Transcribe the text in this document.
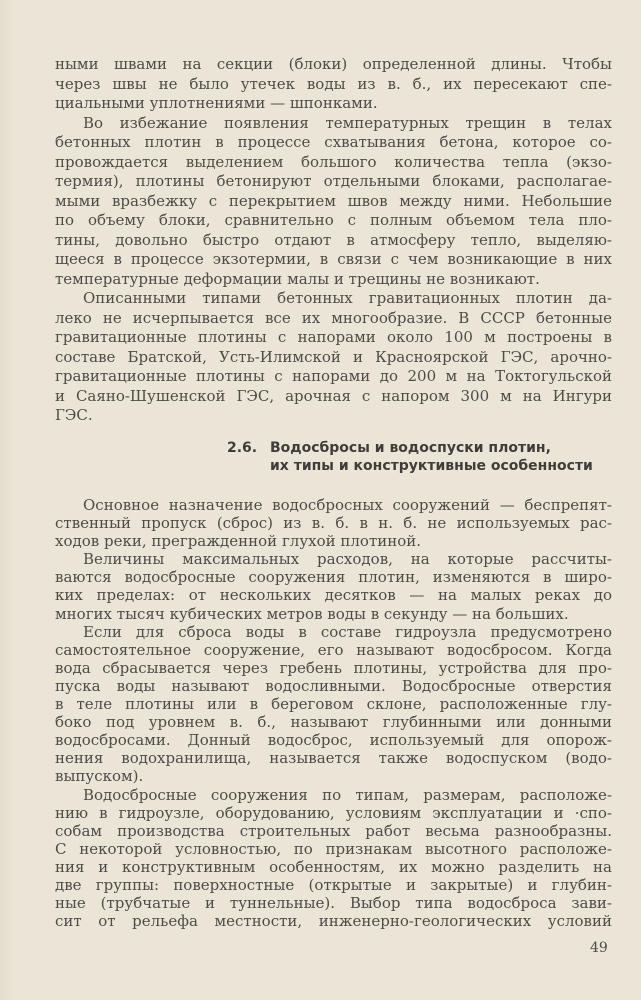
ными швами на секции (блоки) определенной длины. Чтобы
через швы не было утечек воды из в. б., их пересекают спе-
циальными уплотнениями — шпонками.
Во избежание появления температурных трещин в телах
бетонных плотин в процессе схватывания бетона, которое со-
провождается выделением большого количества тепла (экзо-
термия), плотины бетонируют отдельными блоками, располагае-
мыми вразбежку с перекрытием швов между ними. Небольшие
по объему блоки, сравнительно с полным объемом тела пло-
тины, довольно быстро отдают в атмосферу тепло, выделяю-
щееся в процессе экзотермии, в связи с чем возникающие в них
температурные деформации малы и трещины не возникают.
Описанными типами бетонных гравитационных плотин да-
леко не исчерпывается все их многообразие. В СССР бетонные
гравитационные плотины с напорами около 100 м построены в
составе Братской, Усть-Илимской и Красноярской ГЭС, арочно-
гравитационные плотины с напорами до 200 м на Токтогульской
и Саяно-Шушенской ГЭС, арочная с напором 300 м на Ингури
ГЭС.
2.6. Водосбросы и водоспуски плотин,
их типы и конструктивные особенности
Основное назначение водосбросных сооружений — беспрепят-
ственный пропуск (сброс) из в. б. в н. б. не используемых рас-
ходов реки, прегражденной глухой плотиной.
Величины максимальных расходов, на которые рассчиты-
ваются водосбросные сооружения плотин, изменяются в широ-
ких пределах: от нескольких десятков — на малых реках до
многих тысяч кубических метров воды в секунду — на больших.
Если для сброса воды в составе гидроузла предусмотрено
самостоятельное сооружение, его называют водосбросом. Когда
вода сбрасывается через гребень плотины, устройства для про-
пуска воды называют водосливными. Водосбросные отверстия
в теле плотины или в береговом склоне, расположенные глу-
боко под уровнем в. б., называют глубинными или донными
водосбросами. Донный водосброс, используемый для опорож-
нения водохранилища, называется также водоспуском (водо-
выпуском).
Водосбросные сооружения по типам, размерам, расположе-
нию в гидроузле, оборудованию, условиям эксплуатации и ·спо-
собам производства строительных работ весьма разнообразны.
С некоторой условностью, по признакам высотного расположе-
ния и конструктивным особенностям, их можно разделить на
две группы: поверхностные (открытые и закрытые) и глубин-
ные (трубчатые и туннельные). Выбор типа водосброса зави-
сит от рельефа местности, инженерно-геологических условий
49
